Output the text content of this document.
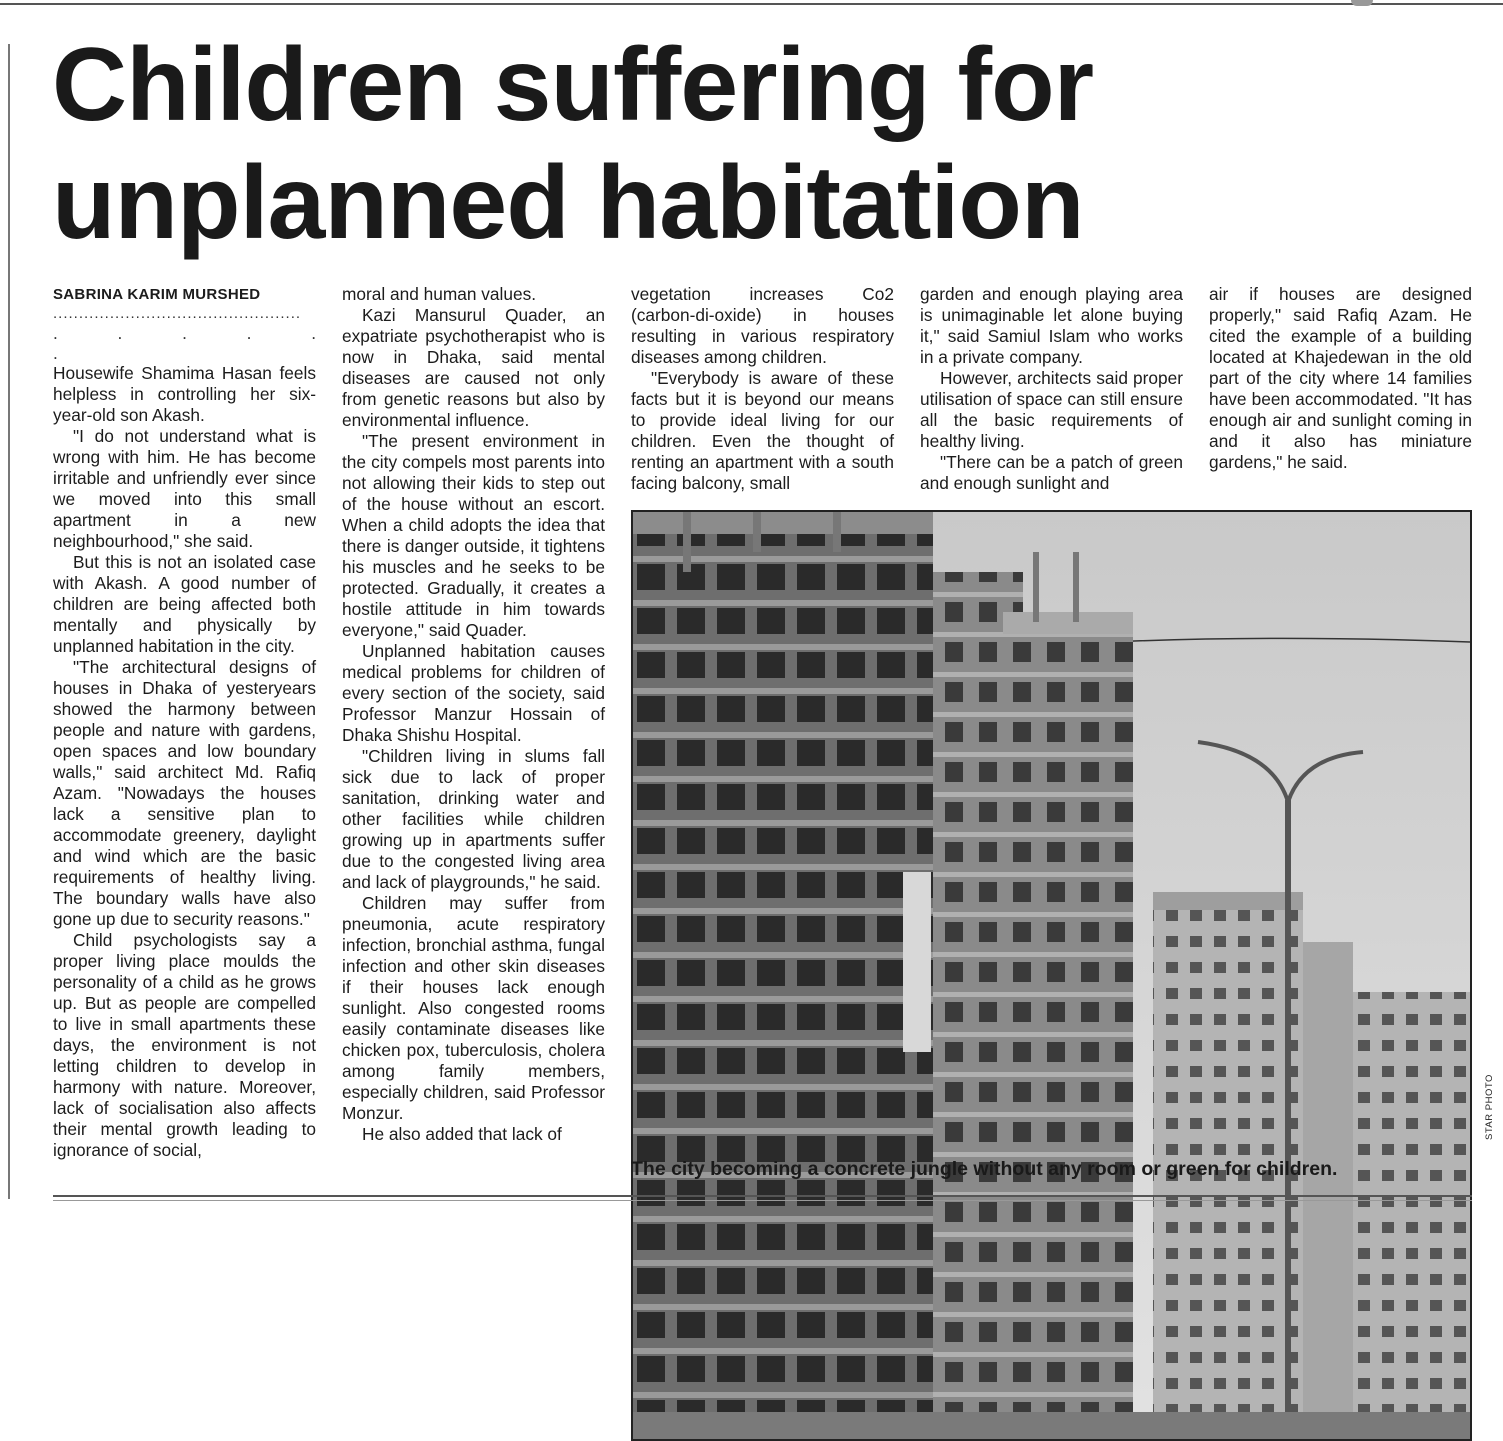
Children suffering for unplanned habitation

SABRINA KARIM MURSHED

................................................

. . . . . .

Housewife Shamima Hasan feels helpless in controlling her six-year-old son Akash.

"I do not understand what is wrong with him. He has become irritable and unfriendly ever since we moved into this small apartment in a new neighbourhood," she said.

But this is not an isolated case with Akash. A good number of children are being affected both mentally and physically by unplanned habitation in the city.

"The architectural designs of houses in Dhaka of yesteryears showed the harmony between people and nature with gardens, open spaces and low boundary walls," said architect Md. Rafiq Azam. "Nowadays the houses lack a sensitive plan to accommodate greenery, daylight and wind which are the basic requirements of healthy living. The boundary walls have also gone up due to security reasons."

Child psychologists say a proper living place moulds the personality of a child as he grows up. But as people are compelled to live in small apartments these days, the environment is not letting children to develop in harmony with nature. Moreover, lack of socialisation also affects their mental growth leading to ignorance of social,

moral and human values.

Kazi Mansurul Quader, an expatriate psychotherapist who is now in Dhaka, said mental diseases are caused not only from genetic reasons but also by environmental influence.

"The present environment in the city compels most parents into not allowing their kids to step out of the house without an escort. When a child adopts the idea that there is danger outside, it tightens his muscles and he seeks to be protected. Gradually, it creates a hostile attitude in him towards everyone," said Quader.

Unplanned habitation causes medical problems for children of every section of the society, said Professor Manzur Hossain of Dhaka Shishu Hospital.

"Children living in slums fall sick due to lack of proper sanitation, drinking water and other facilities while children growing up in apartments suffer due to the congested living area and lack of playgrounds," he said.

Children may suffer from pneumonia, acute respiratory infection, bronchial asthma, fungal infection and other skin diseases if their houses lack enough sunlight. Also congested rooms easily contaminate diseases like chicken pox, tuberculosis, cholera among family members, especially children, said Professor Monzur.

He also added that lack of

vegetation increases Co2 (carbon-di-oxide) in houses resulting in various respiratory diseases among children.

"Everybody is aware of these facts but it is beyond our means to provide ideal living for our children. Even the thought of renting an apartment with a south facing balcony, small

garden and enough playing area is unimaginable let alone buying it," said Samiul Islam who works in a private company.

However, architects said proper utilisation of space can still ensure all the basic requirements of healthy living.

"There can be a patch of green and enough sunlight and

air if houses are designed properly," said Rafiq Azam. He cited the example of a building located at Khajedewan in the old part of the city where 14 families have been accommodated. "It has enough air and sunlight coming in and it also has miniature gardens," he said.

STAR PHOTO
The city becoming a concrete jungle without any room or green for children.
